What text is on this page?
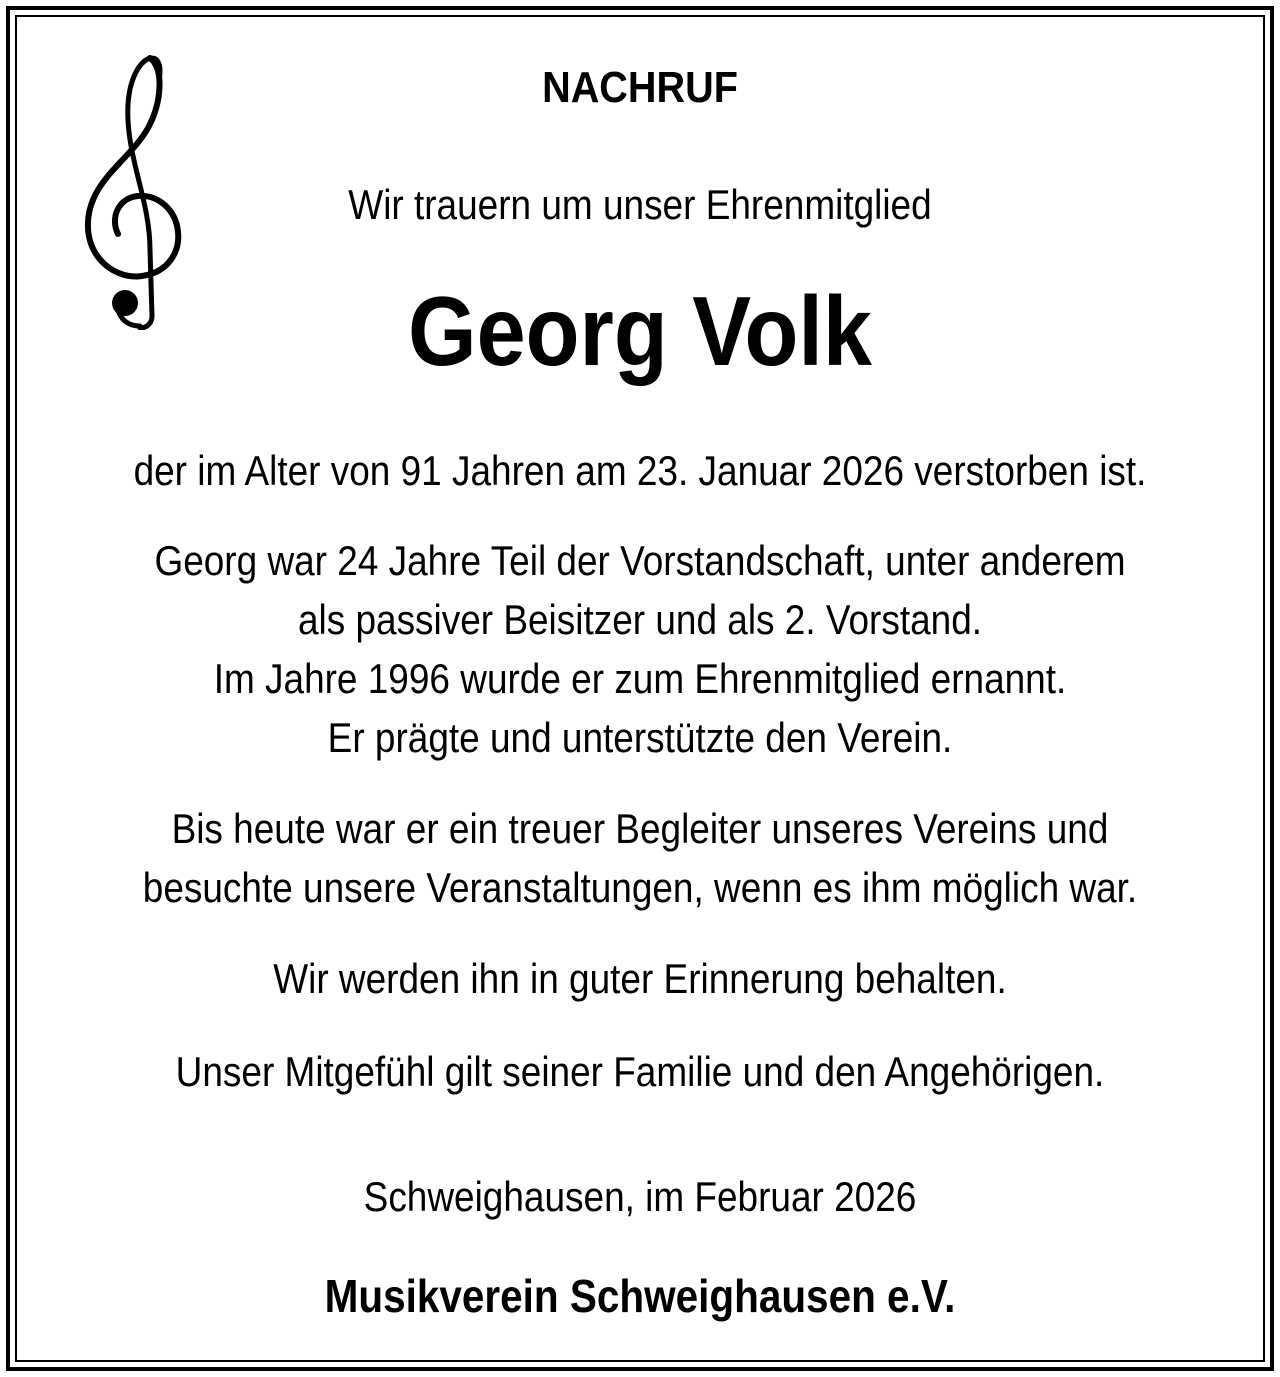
NACHRUF
Wir trauern um unser Ehrenmitglied
Georg Volk
der im Alter von 91 Jahren am 23. Januar 2026 verstorben ist.
Georg war 24 Jahre Teil der Vorstandschaft, unter anderem
als passiver Beisitzer und als 2. Vorstand.
Im Jahre 1996 wurde er zum Ehrenmitglied ernannt.
Er prägte und unterstützte den Verein.
Bis heute war er ein treuer Begleiter unseres Vereins und
besuchte unsere Veranstaltungen, wenn es ihm möglich war.
Wir werden ihn in guter Erinnerung behalten.
Unser Mitgefühl gilt seiner Familie und den Angehörigen.
Schweighausen, im Februar 2026
Musikverein Schweighausen e.V.
